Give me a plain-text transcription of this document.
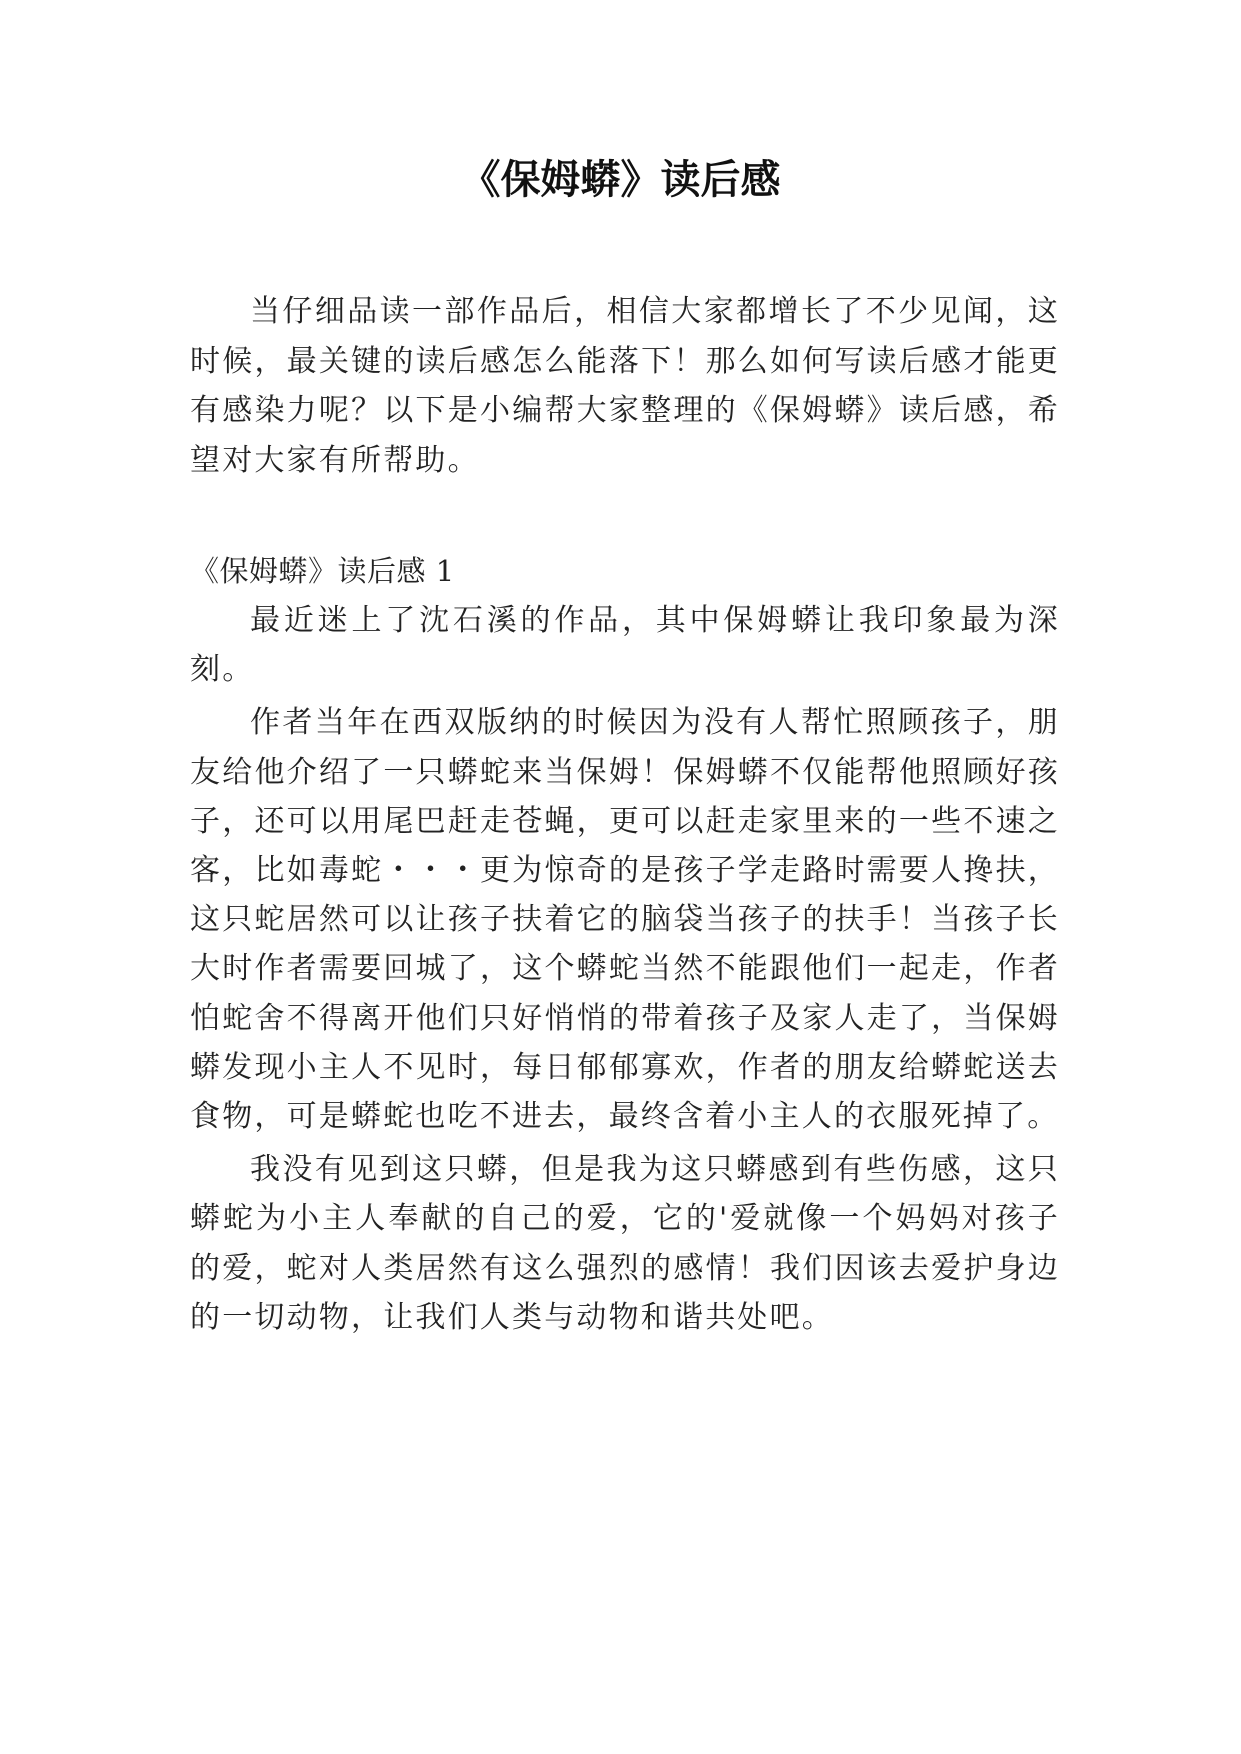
《保姆蟒》读后感

当仔细品读一部作品后，相信大家都增长了不少见闻，这时候，最关键的读后感怎么能落下！那么如何写读后感才能更有感染力呢？以下是小编帮大家整理的《保姆蟒》读后感，希望对大家有所帮助。

《保姆蟒》读后感 1

最近迷上了沈石溪的作品，其中保姆蟒让我印象最为深刻。

作者当年在西双版纳的时候因为没有人帮忙照顾孩子，朋友给他介绍了一只蟒蛇来当保姆！保姆蟒不仅能帮他照顾好孩子，还可以用尾巴赶走苍蝇，更可以赶走家里来的一些不速之客，比如毒蛇・・・更为惊奇的是孩子学走路时需要人搀扶，这只蛇居然可以让孩子扶着它的脑袋当孩子的扶手！当孩子长大时作者需要回城了，这个蟒蛇当然不能跟他们一起走，作者怕蛇舍不得离开他们只好悄悄的带着孩子及家人走了，当保姆蟒发现小主人不见时，每日郁郁寡欢，作者的朋友给蟒蛇送去食物，可是蟒蛇也吃不进去，最终含着小主人的衣服死掉了。

我没有见到这只蟒，但是我为这只蟒感到有些伤感，这只蟒蛇为小主人奉献的自己的爱，它的'爱就像一个妈妈对孩子的爱，蛇对人类居然有这么强烈的感情！我们因该去爱护身边的一切动物，让我们人类与动物和谐共处吧。
